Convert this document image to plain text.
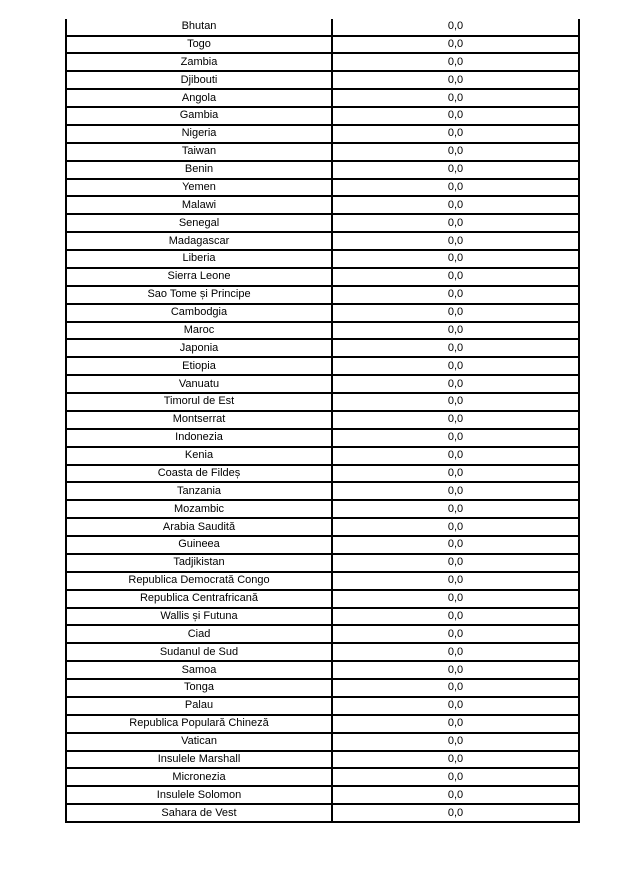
Bhutan	0,0
Togo	0,0
Zambia	0,0
Djibouti	0,0
Angola	0,0
Gambia	0,0
Nigeria	0,0
Taiwan	0,0
Benin	0,0
Yemen	0,0
Malawi	0,0
Senegal	0,0
Madagascar	0,0
Liberia	0,0
Sierra Leone	0,0
Sao Tome și Principe	0,0
Cambodgia	0,0
Maroc	0,0
Japonia	0,0
Etiopia	0,0
Vanuatu	0,0
Timorul de Est	0,0
Montserrat	0,0
Indonezia	0,0
Kenia	0,0
Coasta de Fildeș	0,0
Tanzania	0,0
Mozambic	0,0
Arabia Saudită	0,0
Guineea	0,0
Tadjikistan	0,0
Republica Democrată Congo	0,0
Republica Centrafricană	0,0
Wallis și Futuna	0,0
Ciad	0,0
Sudanul de Sud	0,0
Samoa	0,0
Tonga	0,0
Palau	0,0
Republica Populară Chineză	0,0
Vatican	0,0
Insulele Marshall	0,0
Micronezia	0,0
Insulele Solomon	0,0
Sahara de Vest	0,0
